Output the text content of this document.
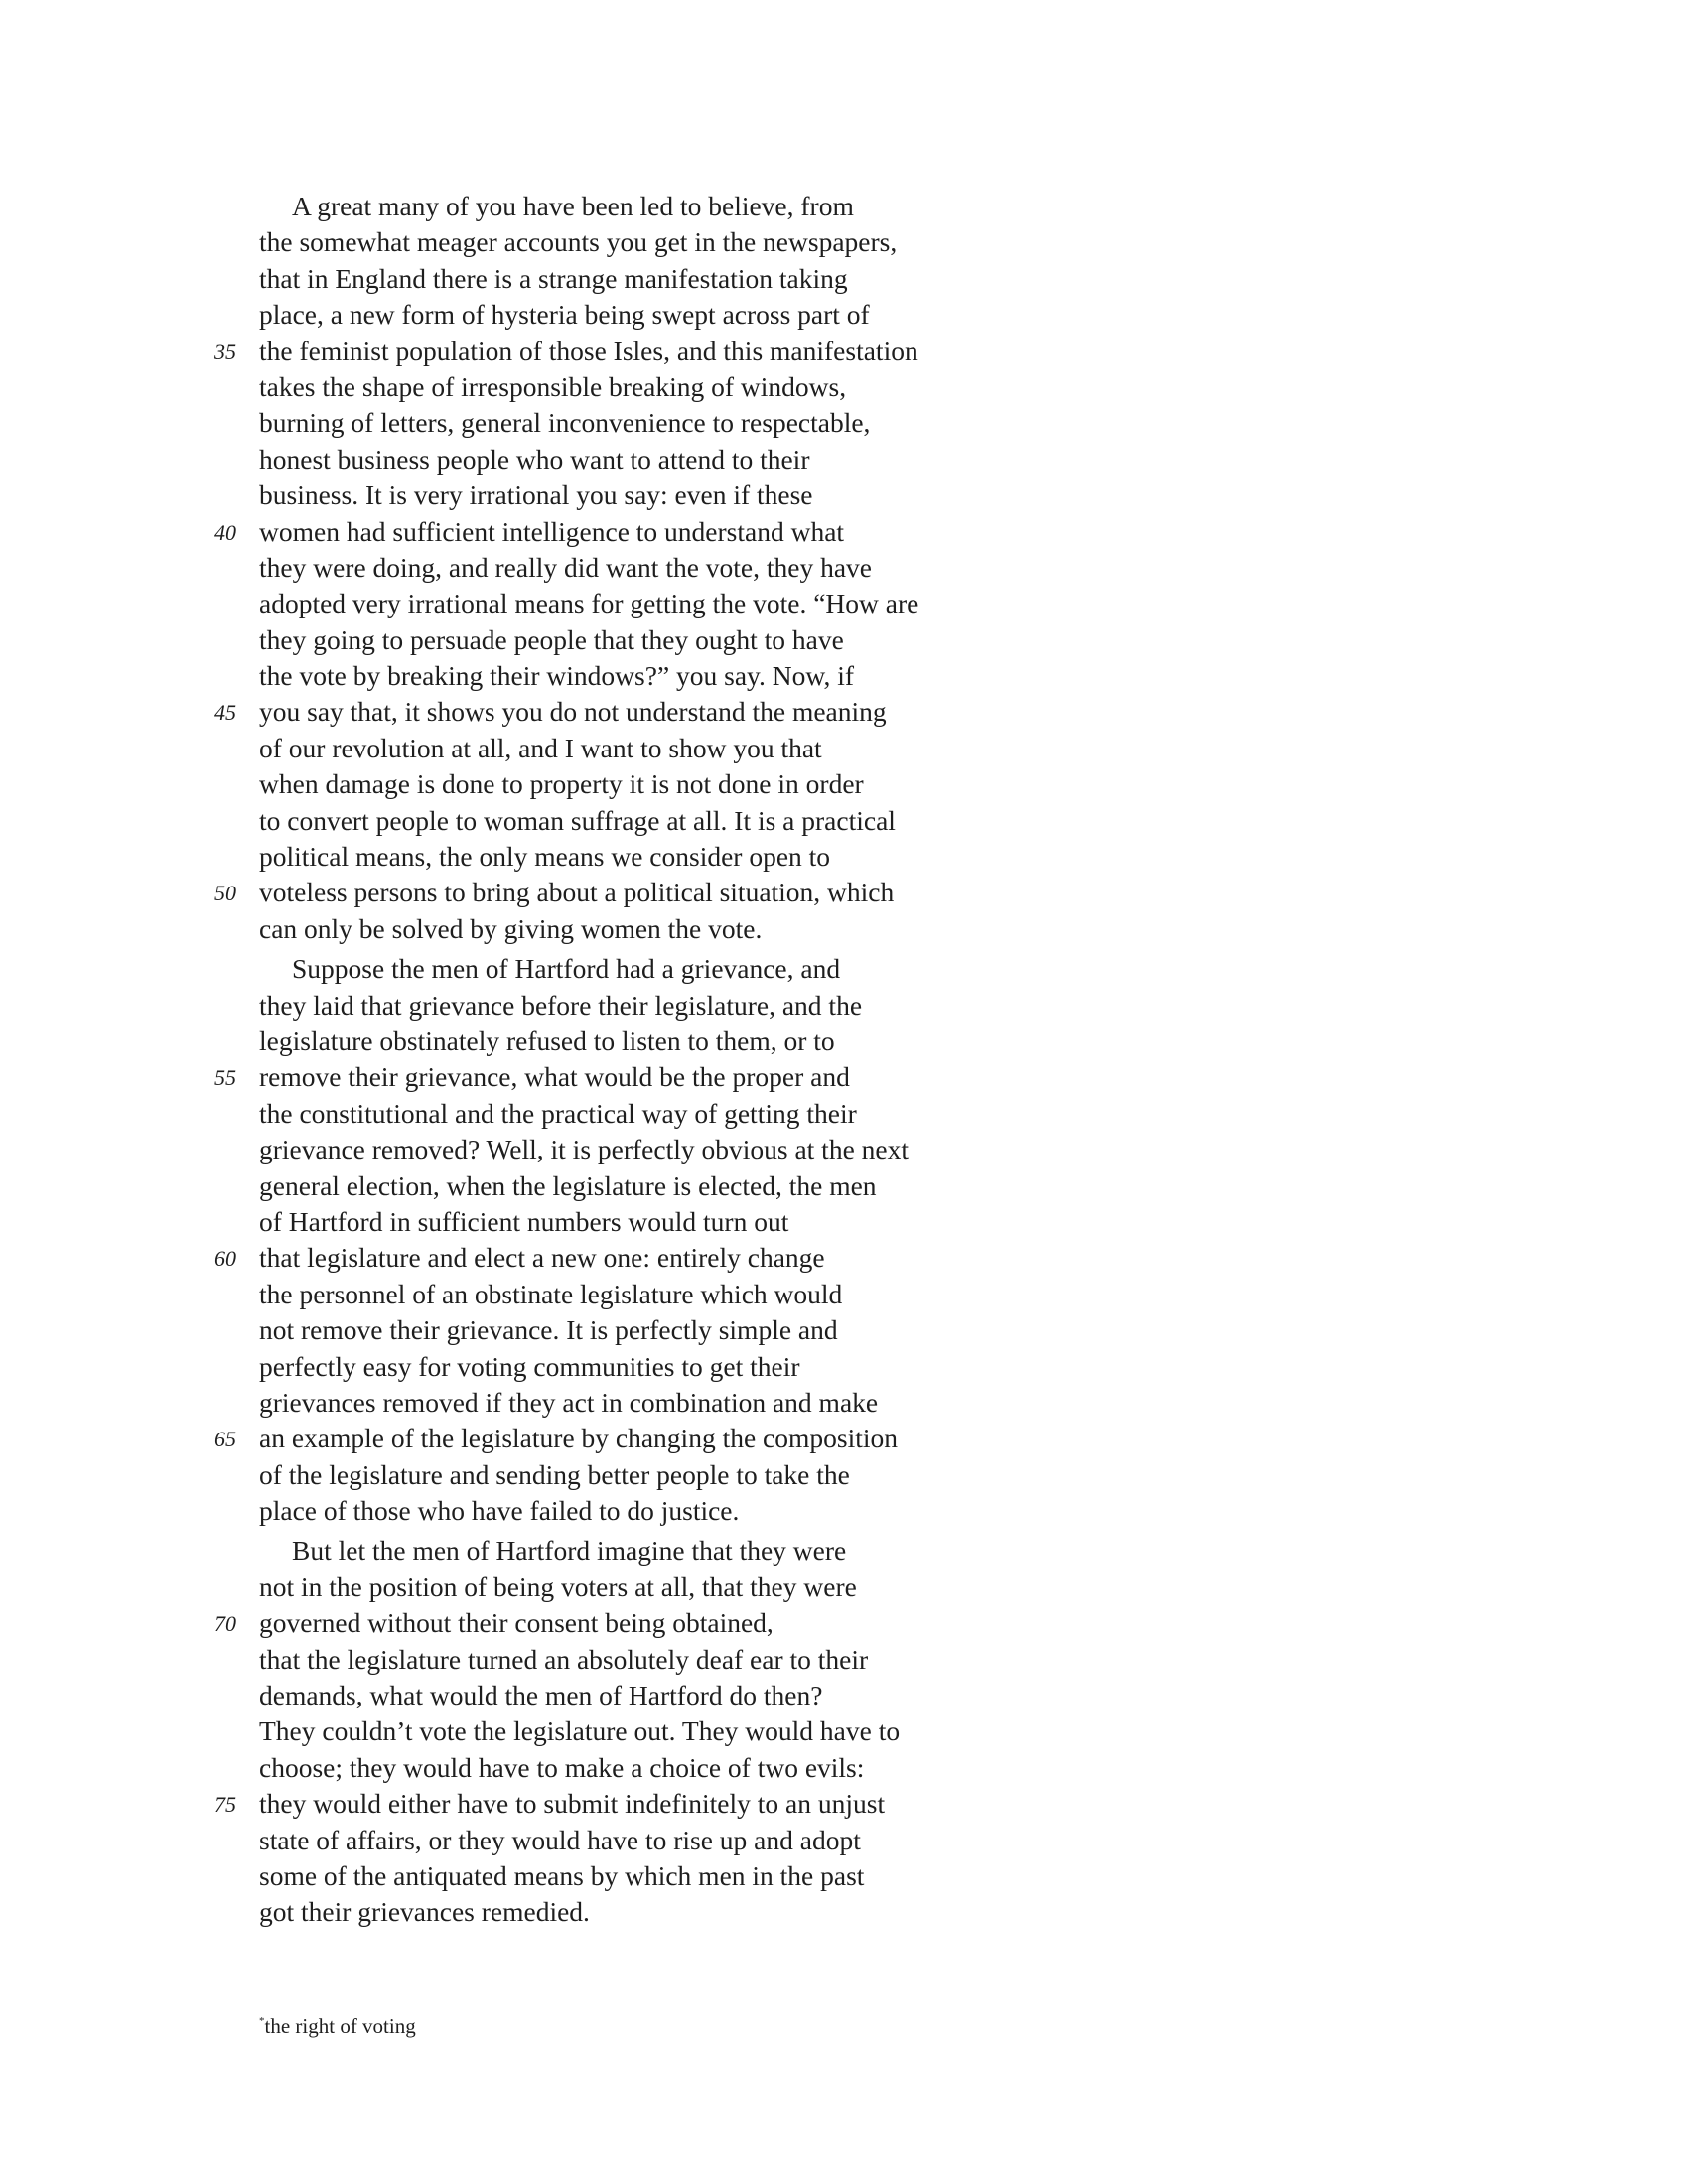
A great many of you have been led to believe, from
the somewhat meager accounts you get in the newspapers,
that in England there is a strange manifestation taking
place, a new form of hysteria being swept across part of
35 the feminist population of those Isles, and this manifestation
takes the shape of irresponsible breaking of windows,
burning of letters, general inconvenience to respectable,
honest business people who want to attend to their
business. It is very irrational you say: even if these
40 women had sufficient intelligence to understand what
they were doing, and really did want the vote, they have
adopted very irrational means for getting the vote. “How are
they going to persuade people that they ought to have
the vote by breaking their windows?” you say. Now, if
45 you say that, it shows you do not understand the meaning
of our revolution at all, and I want to show you that
when damage is done to property it is not done in order
to convert people to woman suffrage at all. It is a practical
political means, the only means we consider open to
50 voteless persons to bring about a political situation, which
can only be solved by giving women the vote.
Suppose the men of Hartford had a grievance, and
they laid that grievance before their legislature, and the
legislature obstinately refused to listen to them, or to
55 remove their grievance, what would be the proper and
the constitutional and the practical way of getting their
grievance removed? Well, it is perfectly obvious at the next
general election, when the legislature is elected, the men
of Hartford in sufficient numbers would turn out
60 that legislature and elect a new one: entirely change
the personnel of an obstinate legislature which would
not remove their grievance. It is perfectly simple and
perfectly easy for voting communities to get their
grievances removed if they act in combination and make
65 an example of the legislature by changing the composition
of the legislature and sending better people to take the
place of those who have failed to do justice.
But let the men of Hartford imagine that they were
not in the position of being voters at all, that they were
70 governed without their consent being obtained,
that the legislature turned an absolutely deaf ear to their
demands, what would the men of Hartford do then?
They couldn’t vote the legislature out. They would have to
choose; they would have to make a choice of two evils:
75 they would either have to submit indefinitely to an unjust
state of affairs, or they would have to rise up and adopt
some of the antiquated means by which men in the past
got their grievances remedied.
*the right of voting
